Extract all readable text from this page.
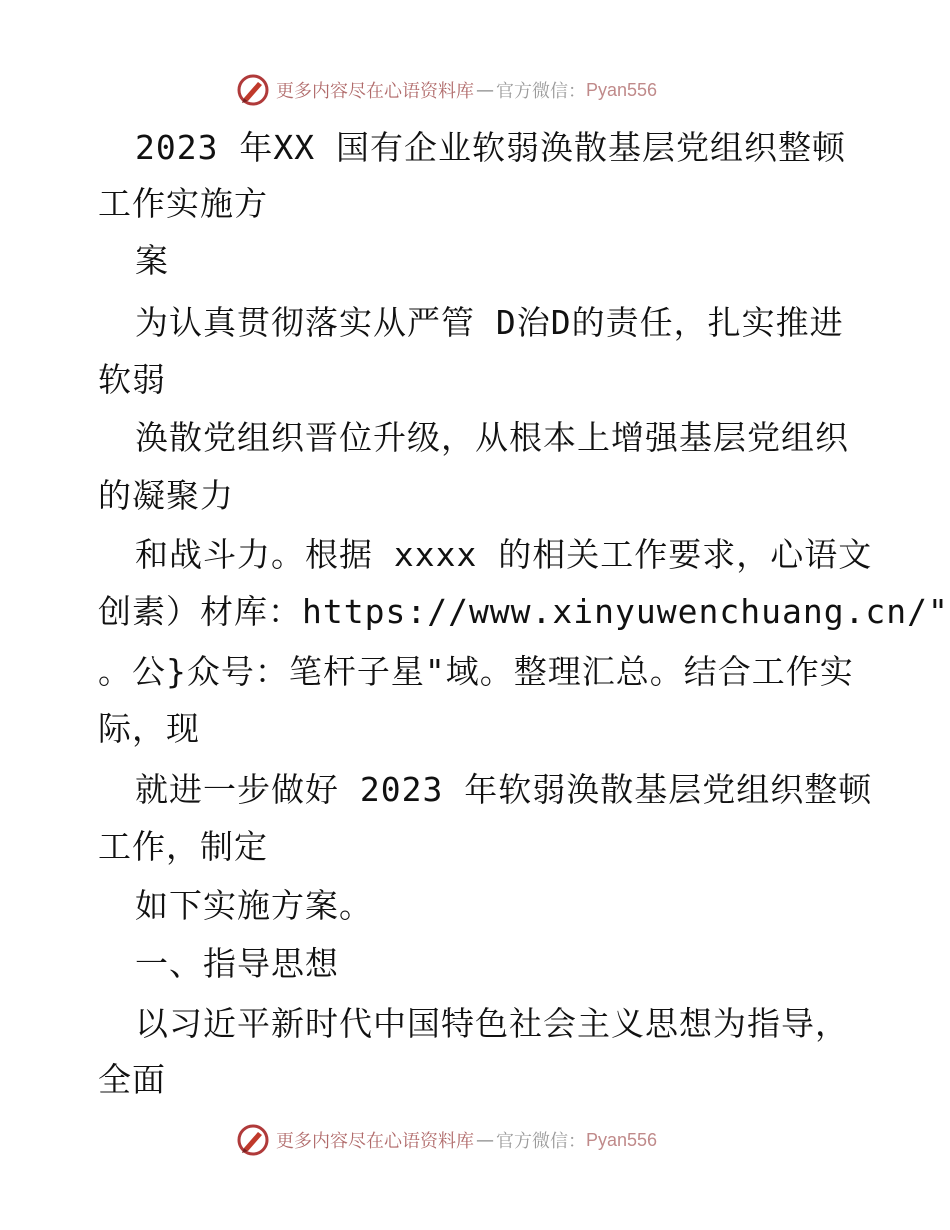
更多内容尽在心语资料库 — 官方微信： Pyan556
2023 年XX 国有企业软弱涣散基层党组织整顿
工作实施方
案
为认真贯彻落实从严管 D治D的责任，扎实推进
软弱
涣散党组织晋位升级，从根本上增强基层党组织
的凝聚力
和战斗力。根据 xxxx 的相关工作要求，心语文
创素）材库：https://www.xinyuwenchuang.cn/"
。公}众号：笔杆子星"域。整理汇总。结合工作实
际，现
就进一步做好 2023 年软弱涣散基层党组织整顿
工作，制定
如下实施方案。
一、指导思想
以习近平新时代中国特色社会主义思想为指导，
全面
更多内容尽在心语资料库 — 官方微信： Pyan556
